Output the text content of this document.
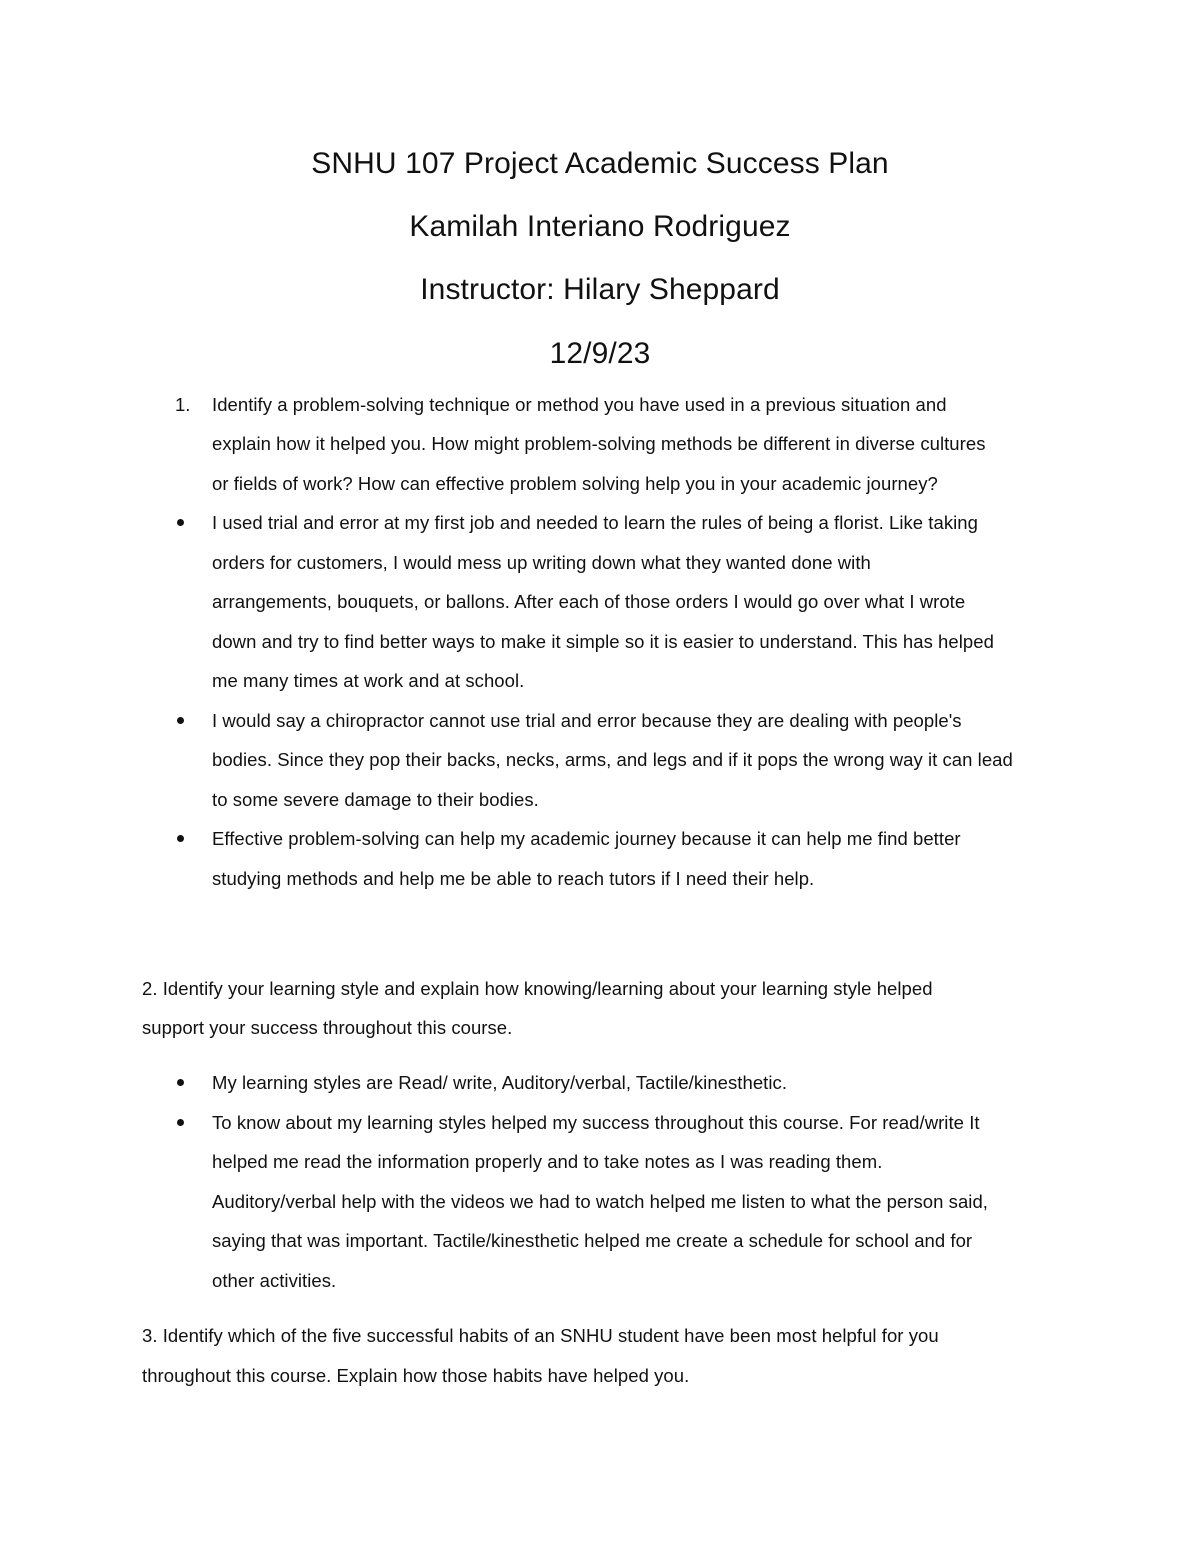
SNHU 107 Project Academic Success Plan
Kamilah Interiano Rodriguez
Instructor: Hilary Sheppard
12/9/23
1. Identify a problem-solving technique or method you have used in a previous situation and
explain how it helped you. How might problem-solving methods be different in diverse cultures
or fields of work? How can effective problem solving help you in your academic journey?
I used trial and error at my first job and needed to learn the rules of being a florist. Like taking
orders for customers, I would mess up writing down what they wanted done with
arrangements, bouquets, or ballons. After each of those orders I would go over what I wrote
down and try to find better ways to make it simple so it is easier to understand. This has helped
me many times at work and at school.
I would say a chiropractor cannot use trial and error because they are dealing with people's
bodies. Since they pop their backs, necks, arms, and legs and if it pops the wrong way it can lead
to some severe damage to their bodies.
Effective problem-solving can help my academic journey because it can help me find better
studying methods and help me be able to reach tutors if I need their help.
2. Identify your learning style and explain how knowing/learning about your learning style helped
support your success throughout this course.
My learning styles are Read/ write, Auditory/verbal, Tactile/kinesthetic.
To know about my learning styles helped my success throughout this course. For read/write It
helped me read the information properly and to take notes as I was reading them.
Auditory/verbal help with the videos we had to watch helped me listen to what the person said,
saying that was important. Tactile/kinesthetic helped me create a schedule for school and for
other activities.
3. Identify which of the five successful habits of an SNHU student have been most helpful for you
throughout this course. Explain how those habits have helped you.
